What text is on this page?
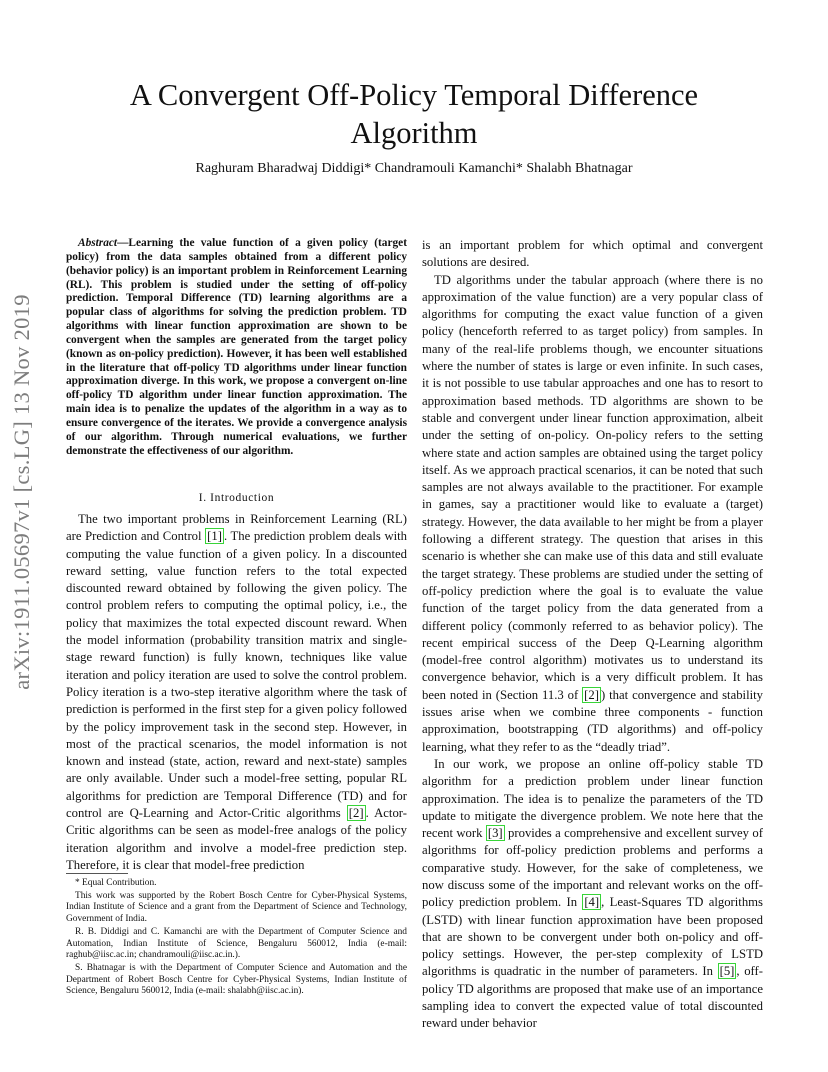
A Convergent Off-Policy Temporal Difference Algorithm
Raghuram Bharadwaj Diddigi* Chandramouli Kamanchi* Shalabh Bhatnagar
arXiv:1911.05697v1 [cs.LG] 13 Nov 2019

Abstract—Learning the value function of a given policy (target policy) from the data samples obtained from a different policy (behavior policy) is an important problem in Reinforcement Learning (RL). This problem is studied under the setting of off-policy prediction. Temporal Difference (TD) learning algorithms are a popular class of algorithms for solving the prediction problem. TD algorithms with linear function approximation are shown to be convergent when the samples are generated from the target policy (known as on-policy prediction). However, it has been well established in the literature that off-policy TD algorithms under linear function approximation diverge. In this work, we propose a convergent on-line off-policy TD algorithm under linear function approximation. The main idea is to penalize the updates of the algorithm in a way as to ensure convergence of the iterates. We provide a convergence analysis of our algorithm. Through numerical evaluations, we further demonstrate the effectiveness of our algorithm.

I. Introduction

The two important problems in Reinforcement Learning (RL) are Prediction and Control [1] . The prediction problem deals with computing the value function of a given policy. In a discounted reward setting, value function refers to the total expected discounted reward obtained by following the given policy. The control problem refers to computing the optimal policy, i.e., the policy that maximizes the total expected discount reward. When the model information (probability transition matrix and single-stage reward function) is fully known, techniques like value iteration and policy iteration are used to solve the control problem. Policy iteration is a two-step iterative algorithm where the task of prediction is performed in the first step for a given policy followed by the policy improvement task in the second step. However, in most of the practical scenarios, the model information is not known and instead (state, action, reward and next-state) samples are only available. Under such a model-free setting, popular RL algorithms for prediction are Temporal Difference (TD) and for control are Q-Learning and Actor-Critic algorithms [2] . Actor-Critic algorithms can be seen as model-free analogs of the policy iteration algorithm and involve a model-free prediction step. Therefore, it is clear that model-free prediction

* Equal Contribution.

This work was supported by the Robert Bosch Centre for Cyber-Physical Systems, Indian Institute of Science and a grant from the Department of Science and Technology, Government of India.

R. B. Diddigi and C. Kamanchi are with the Department of Computer Science and Automation, Indian Institute of Science, Bengaluru 560012, India (e-mail: raghub@iisc.ac.in; chandramouli@iisc.ac.in.).

S. Bhatnagar is with the Department of Computer Science and Automation and the Department of Robert Bosch Centre for Cyber-Physical Systems, Indian Institute of Science, Bengaluru 560012, India (e-mail: shalabh@iisc.ac.in).

is an important problem for which optimal and convergent solutions are desired.

TD algorithms under the tabular approach (where there is no approximation of the value function) are a very popular class of algorithms for computing the exact value function of a given policy (henceforth referred to as target policy) from samples. In many of the real-life problems though, we encounter situations where the number of states is large or even infinite. In such cases, it is not possible to use tabular approaches and one has to resort to approximation based methods. TD algorithms are shown to be stable and convergent under linear function approximation, albeit under the setting of on-policy. On-policy refers to the setting where state and action samples are obtained using the target policy itself. As we approach practical scenarios, it can be noted that such samples are not always available to the practitioner. For example in games, say a practitioner would like to evaluate a (target) strategy. However, the data available to her might be from a player following a different strategy. The question that arises in this scenario is whether she can make use of this data and still evaluate the target strategy. These problems are studied under the setting of off-policy prediction where the goal is to evaluate the value function of the target policy from the data generated from a different policy (commonly referred to as behavior policy). The recent empirical success of the Deep Q-Learning algorithm (model-free control algorithm) motivates us to understand its convergence behavior, which is a very difficult problem. It has been noted in (Section 11.3 of [2] ) that convergence and stability issues arise when we combine three components - function approximation, bootstrapping (TD algorithms) and off-policy learning, what they refer to as the “deadly triad”.

In our work, we propose an online off-policy stable TD algorithm for a prediction problem under linear function approximation. The idea is to penalize the parameters of the TD update to mitigate the divergence problem. We note here that the recent work [3] provides a comprehensive and excellent survey of algorithms for off-policy prediction problems and performs a comparative study. However, for the sake of completeness, we now discuss some of the important and relevant works on the off-policy prediction problem. In [4] , Least-Squares TD algorithms (LSTD) with linear function approximation have been proposed that are shown to be convergent under both on-policy and off-policy settings. However, the per-step complexity of LSTD algorithms is quadratic in the number of parameters. In [5] , off-policy TD algorithms are proposed that make use of an importance sampling idea to convert the expected value of total discounted reward under behavior
